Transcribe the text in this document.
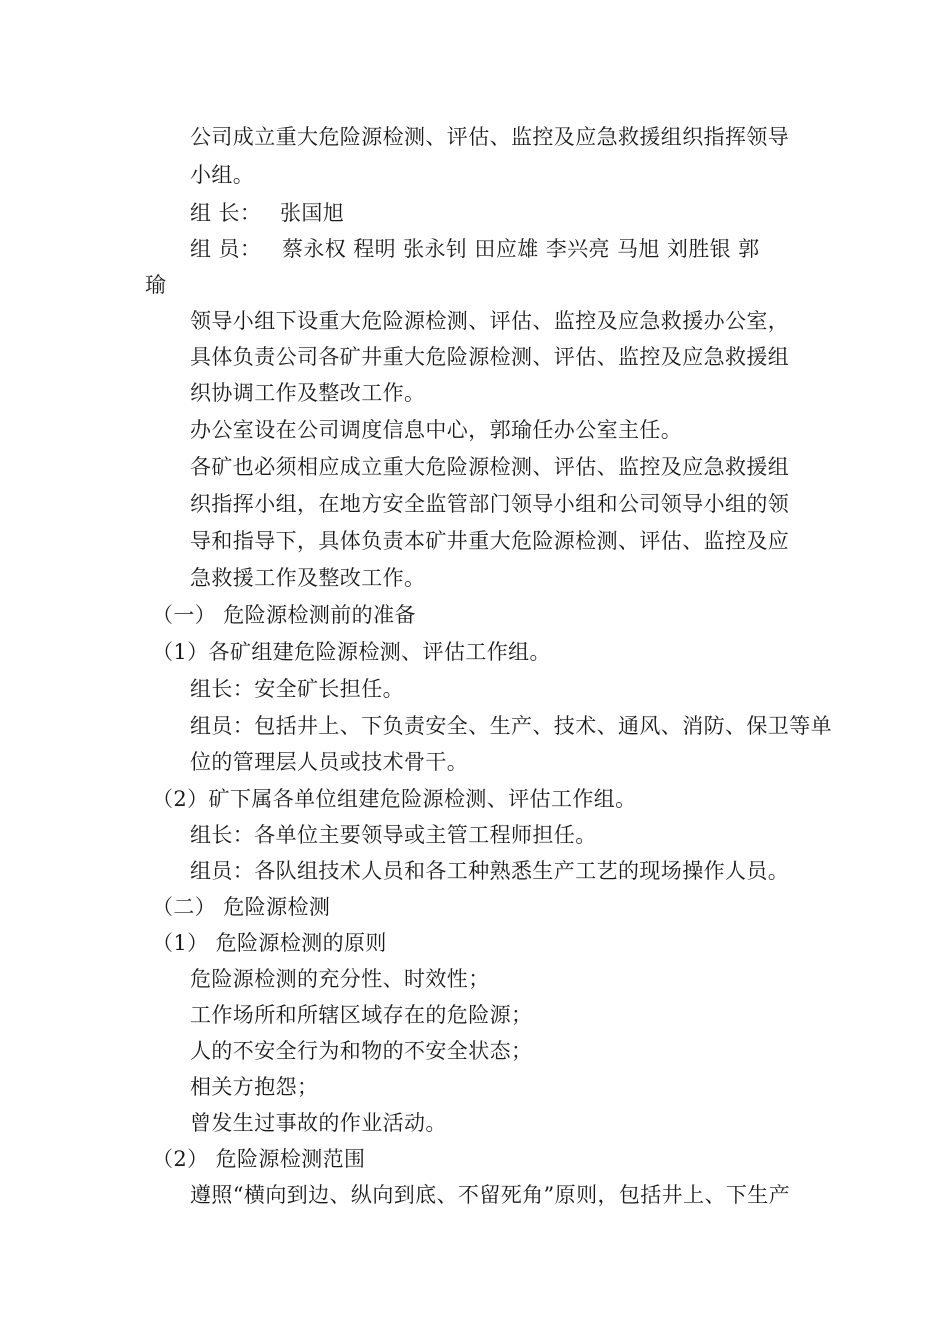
公司成立重大危险源检测、评估、监控及应急救援组织指挥领导
小组。
组 长： 张国旭
组 员： 蔡永权 程明 张永钊 田应雄 李兴亮 马旭 刘胜银 郭
瑜
领导小组下设重大危险源检测、评估、监控及应急救援办公室，
具体负责公司各矿井重大危险源检测、评估、监控及应急救援组
织协调工作及整改工作。
办公室设在公司调度信息中心，郭瑜任办公室主任。
各矿也必须相应成立重大危险源检测、评估、监控及应急救援组
织指挥小组，在地方安全监管部门领导小组和公司领导小组的领
导和指导下，具体负责本矿井重大危险源检测、评估、监控及应
急救援工作及整改工作。
（一） 危险源检测前的准备
（1）各矿组建危险源检测、评估工作组。
组长：安全矿长担任。
组员：包括井上、下负责安全、生产、技术、通风、消防、保卫等单
位的管理层人员或技术骨干。
（2）矿下属各单位组建危险源检测、评估工作组。
组长：各单位主要领导或主管工程师担任。
组员：各队组技术人员和各工种熟悉生产工艺的现场操作人员。
（二） 危险源检测
（1） 危险源检测的原则
危险源检测的充分性、时效性；
工作场所和所辖区域存在的危险源；
人的不安全行为和物的不安全状态；
相关方抱怨；
曾发生过事故的作业活动。
（2） 危险源检测范围
遵照“横向到边、纵向到底、不留死角”原则，包括井上、下生产
